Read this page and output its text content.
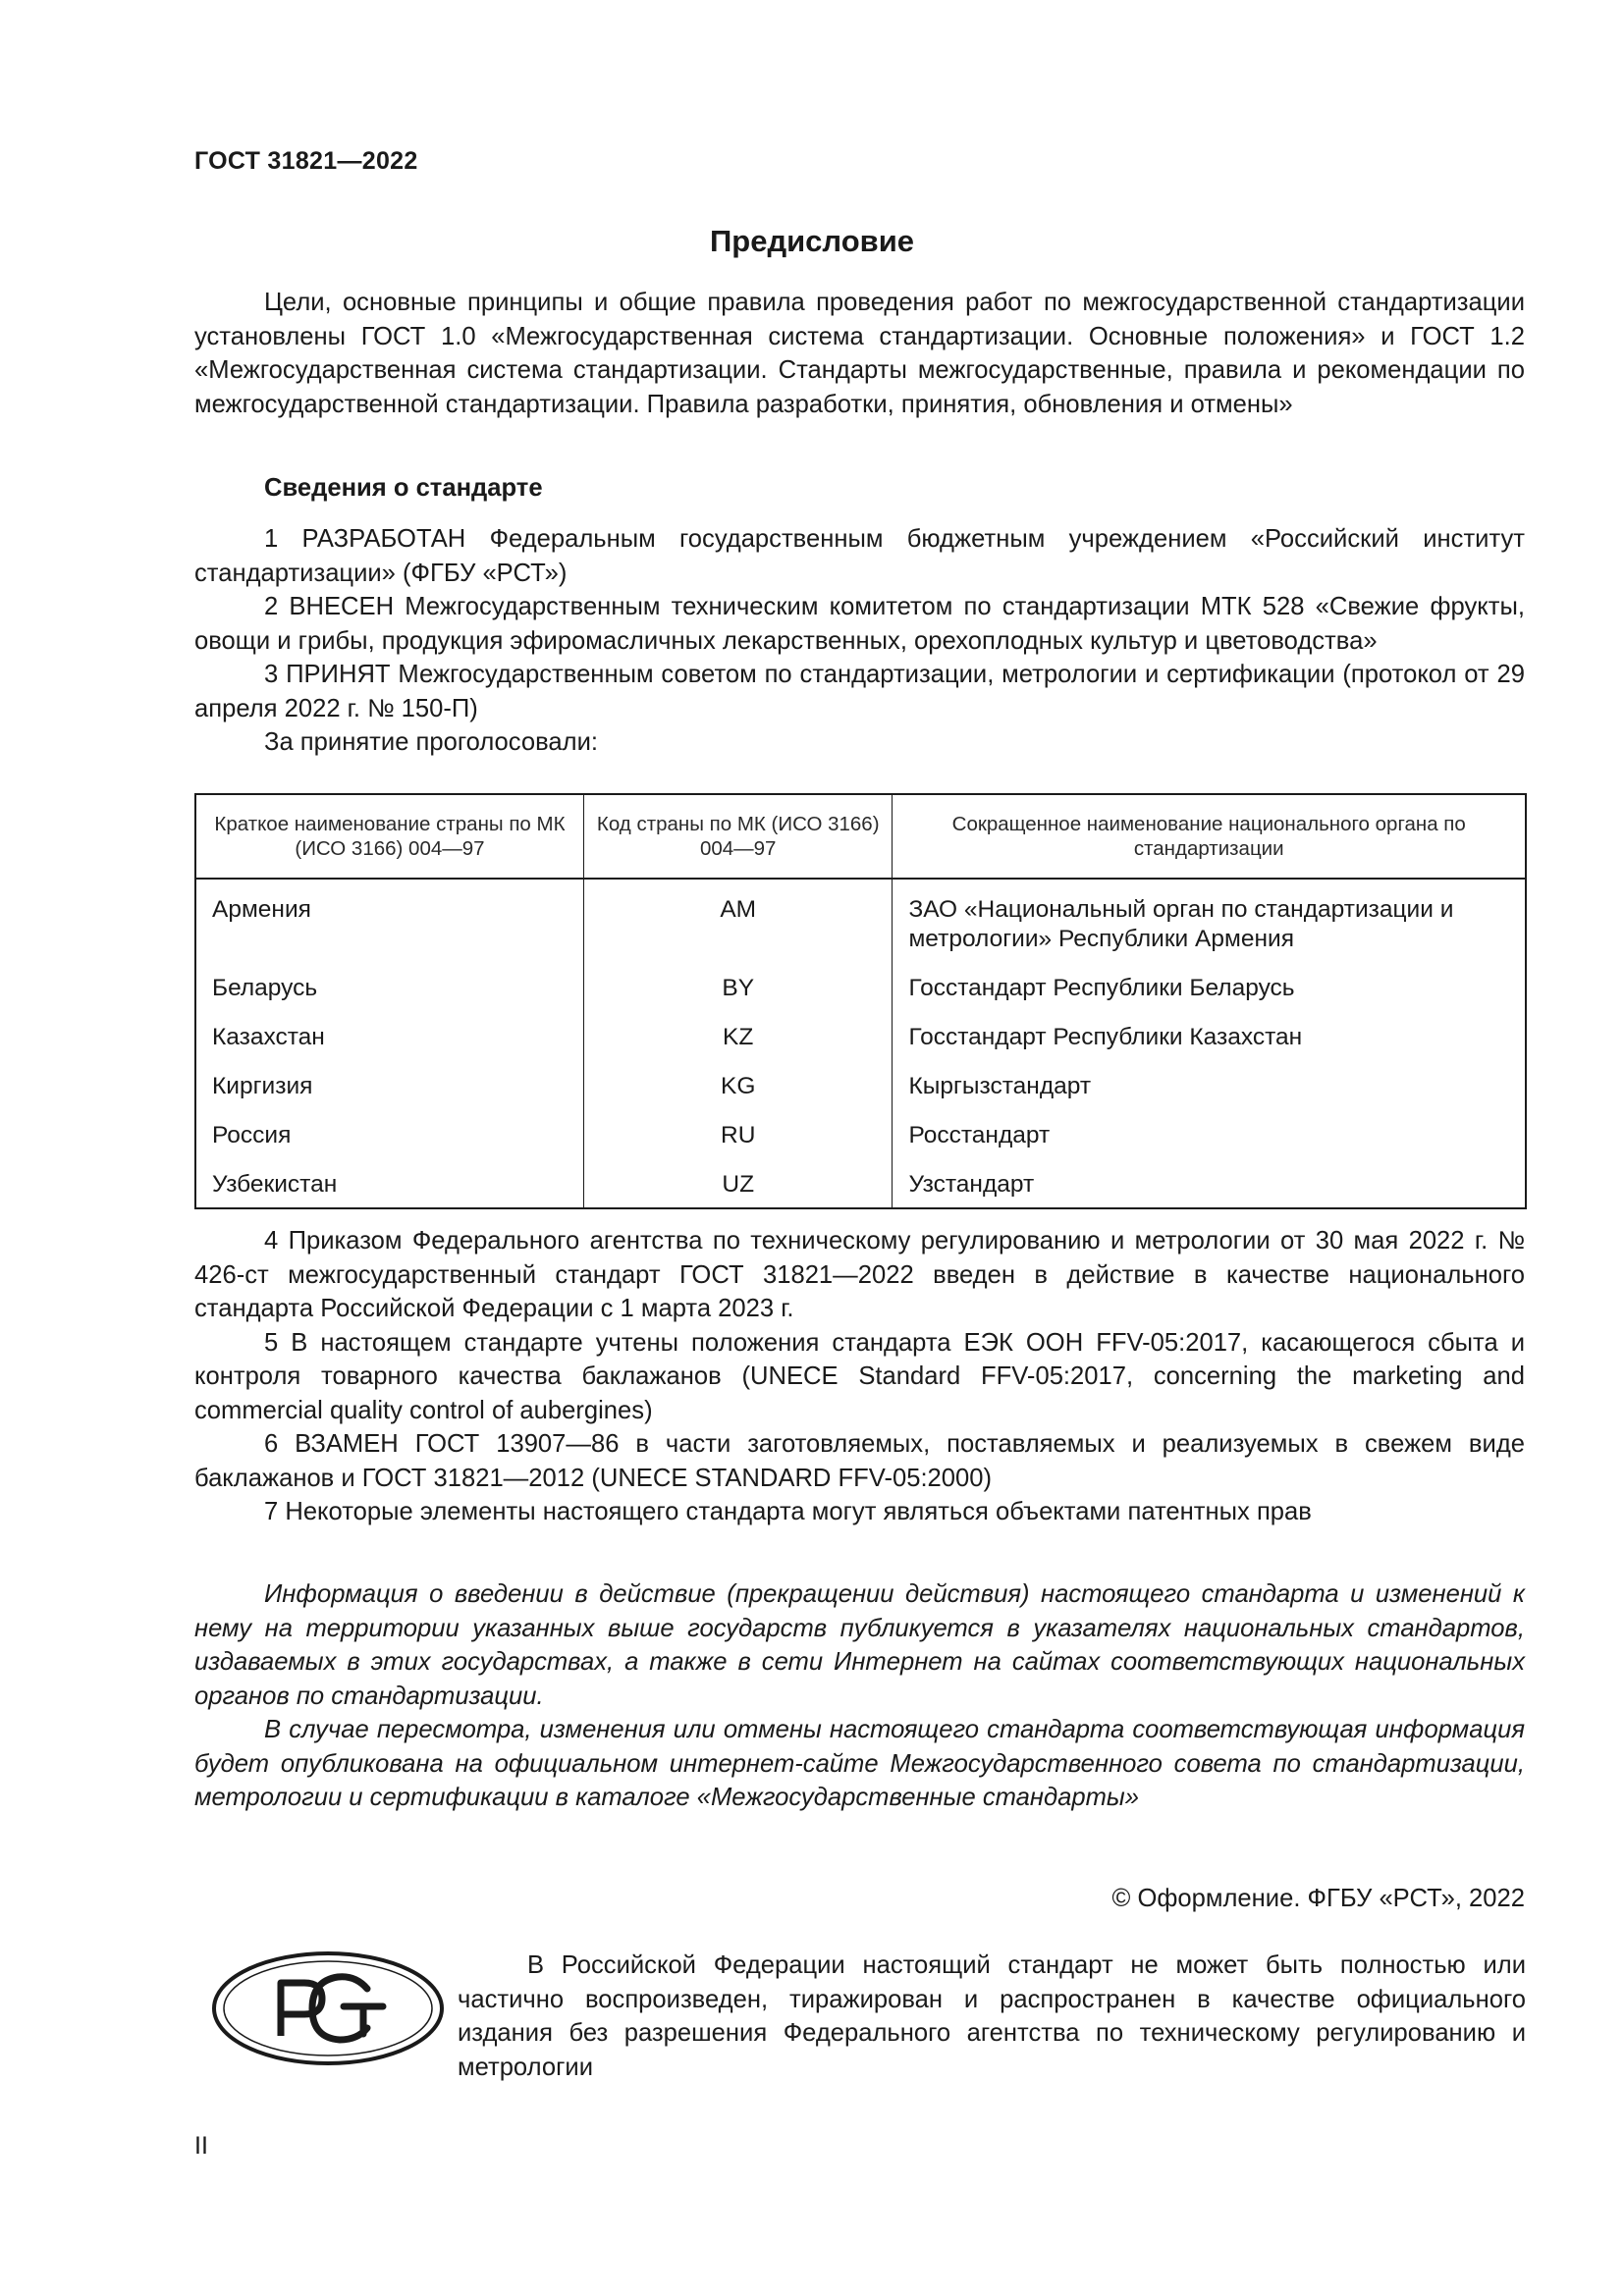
ГОСТ 31821—2022
Предисловие

Цели, основные принципы и общие правила проведения работ по межгосударственной стандартизации установлены ГОСТ 1.0 «Межгосударственная система стандартизации. Основные положения» и ГОСТ 1.2 «Межгосударственная система стандартизации. Стандарты межгосударственные, правила и рекомендации по межгосударственной стандартизации. Правила разработки, принятия, обновления и отмены»

Сведения о стандарте

1 РАЗРАБОТАН Федеральным государственным бюджетным учреждением «Российский институт стандартизации» (ФГБУ «РСТ»)

2 ВНЕСЕН Межгосударственным техническим комитетом по стандартизации МТК 528 «Свежие фрукты, овощи и грибы, продукция эфиромасличных лекарственных, орехоплодных культур и цветоводства»

3 ПРИНЯТ Межгосударственным советом по стандартизации, метрологии и сертификации (протокол от 29 апреля 2022 г. № 150-П)

За принятие проголосовали:

Краткое наименование страны по МК (ИСО 3166) 004—97	Код страны по МК (ИСО 3166) 004—97	Сокращенное наименование национального органа по стандартизации
Армения	AM	ЗАО «Национальный орган по стандартизации и метрологии» Республики Армения
Беларусь	BY	Госстандарт Республики Беларусь
Казахстан	KZ	Госстандарт Республики Казахстан
Киргизия	KG	Кыргызстандарт
Россия	RU	Росстандарт
Узбекистан	UZ	Узстандарт

4 Приказом Федерального агентства по техническому регулированию и метрологии от 30 мая 2022 г. № 426-ст межгосударственный стандарт ГОСТ 31821—2022 введен в действие в качестве национального стандарта Российской Федерации с 1 марта 2023 г.

5 В настоящем стандарте учтены положения стандарта ЕЭК ООН FFV-05:2017, касающегося сбыта и контроля товарного качества баклажанов (UNECE Standard FFV-05:2017, concerning the marketing and commercial quality control of aubergines)

6 ВЗАМЕН ГОСТ 13907—86 в части заготовляемых, поставляемых и реализуемых в свежем виде баклажанов и ГОСТ 31821—2012 (UNECE STANDARD FFV-05:2000)

7 Некоторые элементы настоящего стандарта могут являться объектами патентных прав

Информация о введении в действие (прекращении действия) настоящего стандарта и изменений к нему на территории указанных выше государств публикуется в указателях национальных стандартов, издаваемых в этих государствах, а также в сети Интернет на сайтах соответствующих национальных органов по стандартизации.

В случае пересмотра, изменения или отмены настоящего стандарта соответствующая информация будет опубликована на официальном интернет-сайте Межгосударственного совета по стандартизации, метрологии и сертификации в каталоге «Межгосударственные стандарты»

© Оформление. ФГБУ «РСТ», 2022

В Российской Федерации настоящий стандарт не может быть полностью или частично воспроизведен, тиражирован и распространен в качестве официального издания без разрешения Федерального агентства по техническому регулированию и метрологии

II
